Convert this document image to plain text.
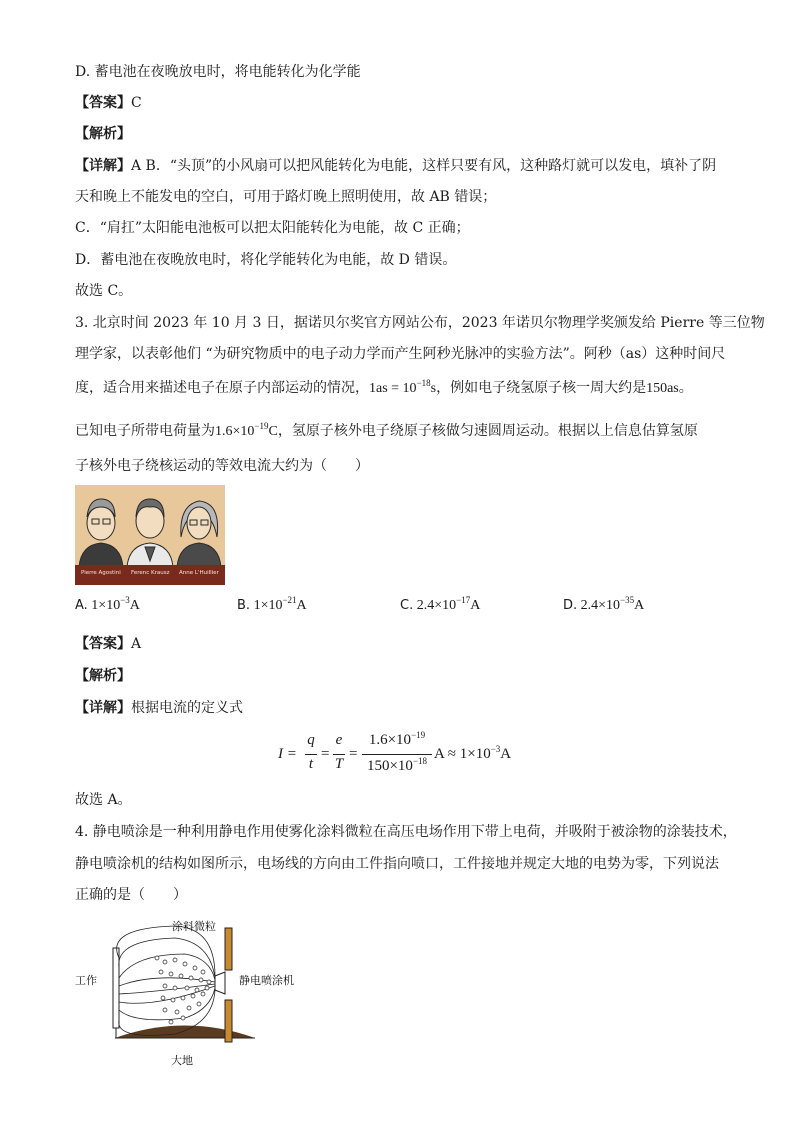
D. 蓄电池在夜晚放电时，将电能转化为化学能
【答案】C
【解析】
【详解】A B．“头顶”的小风扇可以把风能转化为电能，这样只要有风，这种路灯就可以发电，填补了阴
天和晚上不能发电的空白，可用于路灯晚上照明使用，故 AB 错误；
C．“肩扛”太阳能电池板可以把太阳能转化为电能，故 C 正确；
D．蓄电池在夜晚放电时，将化学能转化为电能，故 D 错误。
故选 C。
3. 北京时间 2023 年 10 月 3 日，据诺贝尔奖官方网站公布，2023 年诺贝尔物理学奖颁发给 Pierre 等三位物
理学家，以表彰他们 “为研究物质中的电子动力学而产生阿秒光脉冲的实验方法”。阿秒（as）这种时间尺
度，适合用来描述电子在原子内部运动的情况，$1as = 10^{-18}s$，例如电子绕氢原子核一周大约是150as。
已知电子所带电荷量为$1.6\times 10^{-19}C$，氢原子核外电子绕原子核做匀速圆周运动。根据以上信息估算氢原
子核外电子绕核运动的等效电流大约为（　　）
Pierre Agostini Ferenc Krausz Anne L'Huillier
A. $1\times 10^{-3}A$	B. $1\times 10^{-21}A$	C. $2.4\times 10^{-17}A$	D. $2.4\times 10^{-35}A$
【答案】A
【解析】
【详解】根据电流的定义式
I =
q
t
=
e
T
=
$1.6\times 10^{-19}$
$150\times 10^{-18}$ $A \approx 1\times 10^{-3}A$
故选 A。
4. 静电喷涂是一种利用静电作用使雾化涂料微粒在高压电场作用下带上电荷，并吸附于被涂物的涂装技术，
静电喷涂机的结构如图所示，电场线的方向由工件指向喷口，工件接地并规定大地的电势为零，下列说法
正确的是（　　）
涂料微粒
工作	静电喷涂机
大地
